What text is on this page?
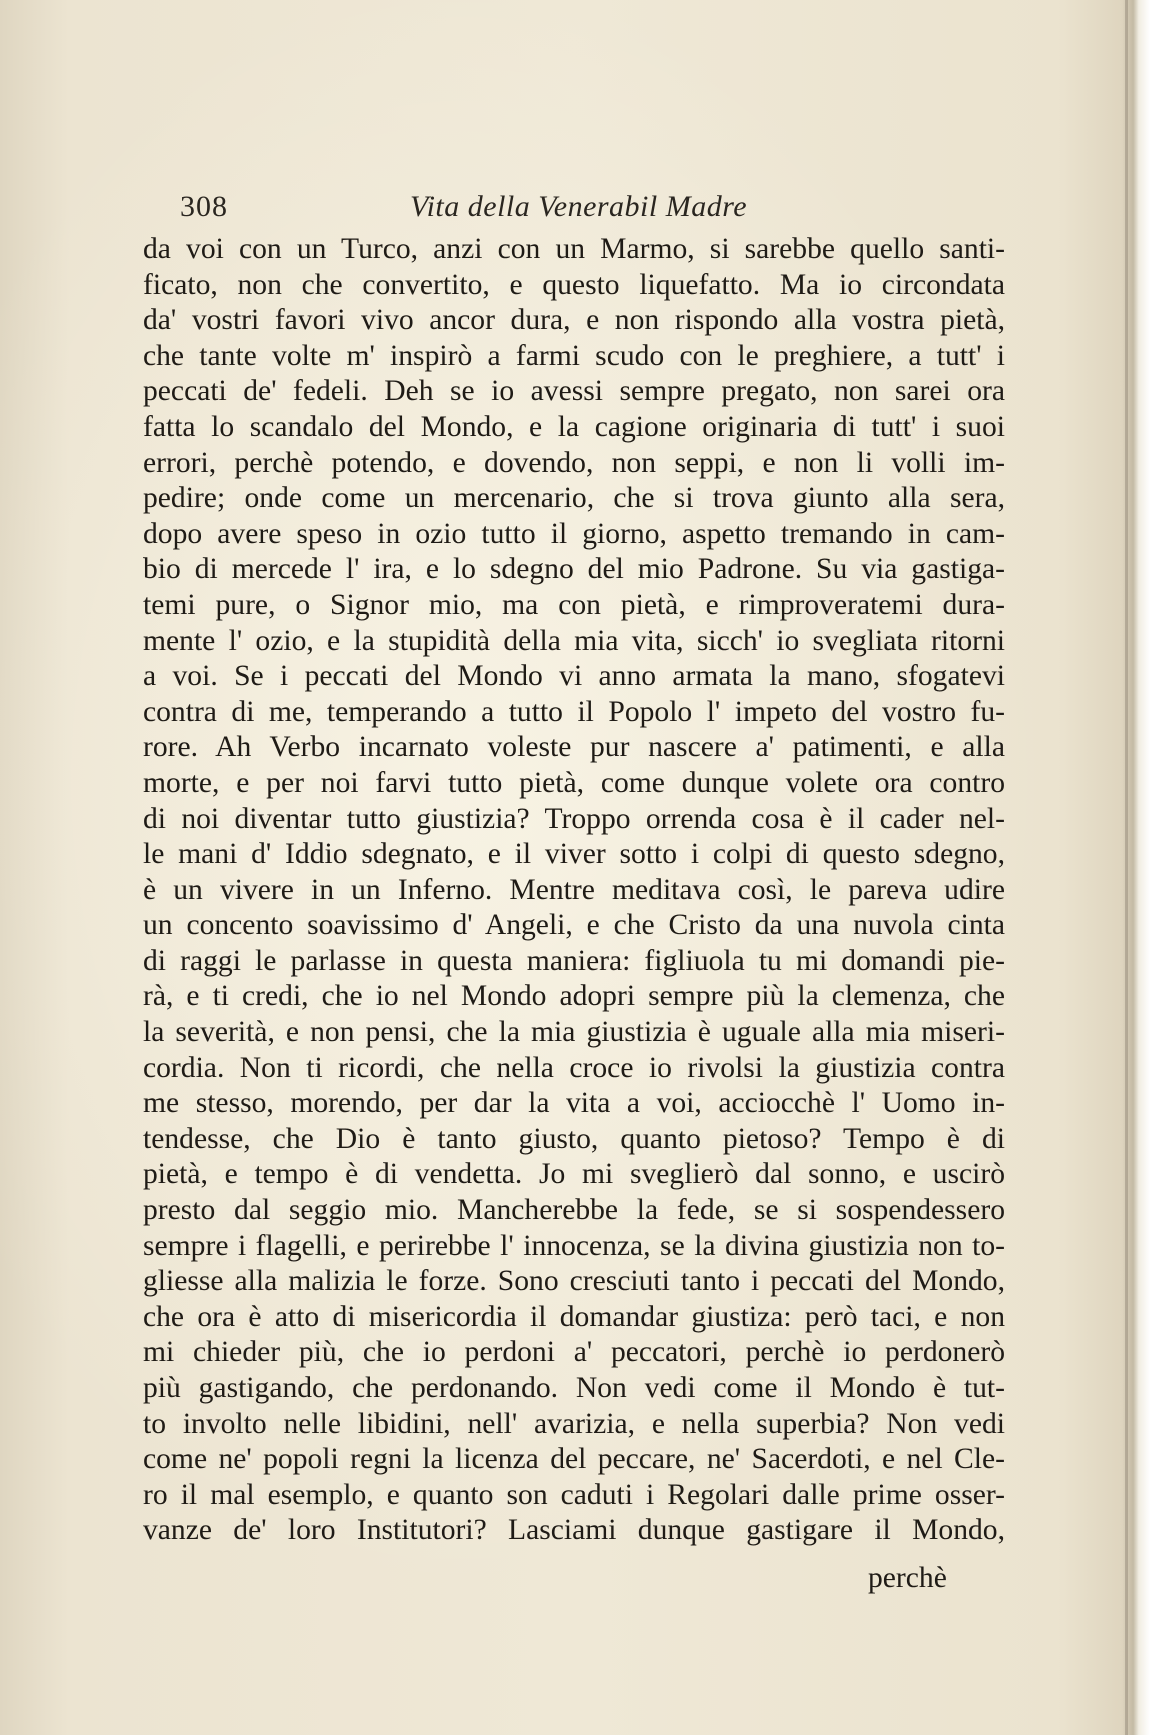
308	Vita della Venerabil Madre
da voi con un Turco, anzi con un Marmo, si sarebbe quello santi-
ficato, non che convertito, e questo liquefatto. Ma io circondata
da' vostri favori vivo ancor dura, e non rispondo alla vostra pietà,
che tante volte m' inspirò a farmi scudo con le preghiere, a tutt' i
peccati de' fedeli. Deh se io avessi sempre pregato, non sarei ora
fatta lo scandalo del Mondo, e la cagione originaria di tutt' i suoi
errori, perchè potendo, e dovendo, non seppi, e non li volli im-
pedire; onde come un mercenario, che si trova giunto alla sera,
dopo avere speso in ozio tutto il giorno, aspetto tremando in cam-
bio di mercede l' ira, e lo sdegno del mio Padrone. Su via gastiga-
temi pure, o Signor mio, ma con pietà, e rimproveratemi dura-
mente l' ozio, e la stupidità della mia vita, sicch' io svegliata ritorni
a voi. Se i peccati del Mondo vi anno armata la mano, sfogatevi
contra di me, temperando a tutto il Popolo l' impeto del vostro fu-
rore. Ah Verbo incarnato voleste pur nascere a' patimenti, e alla
morte, e per noi farvi tutto pietà, come dunque volete ora contro
di noi diventar tutto giustizia? Troppo orrenda cosa è il cader nel-
le mani d' Iddio sdegnato, e il viver sotto i colpi di questo sdegno,
è un vivere in un Inferno. Mentre meditava così, le pareva udire
un concento soavissimo d' Angeli, e che Cristo da una nuvola cinta
di raggi le parlasse in questa maniera: figliuola tu mi domandi pie-
rà, e ti credi, che io nel Mondo adopri sempre più la clemenza, che
la severità, e non pensi, che la mia giustizia è uguale alla mia miseri-
cordia. Non ti ricordi, che nella croce io rivolsi la giustizia contra
me stesso, morendo, per dar la vita a voi, acciocchè l' Uomo in-
tendesse, che Dio è tanto giusto, quanto pietoso? Tempo è di
pietà, e tempo è di vendetta. Jo mi sveglierò dal sonno, e uscirò
presto dal seggio mio. Mancherebbe la fede, se si sospendessero
sempre i flagelli, e perirebbe l' innocenza, se la divina giustizia non to-
gliesse alla malizia le forze. Sono cresciuti tanto i peccati del Mondo,
che ora è atto di misericordia il domandar giustiza: però taci, e non
mi chieder più, che io perdoni a' peccatori, perchè io perdonerò
più gastigando, che perdonando. Non vedi come il Mondo è tut-
to involto nelle libidini, nell' avarizia, e nella superbia? Non vedi
come ne' popoli regni la licenza del peccare, ne' Sacerdoti, e nel Cle-
ro il mal esemplo, e quanto son caduti i Regolari dalle prime osser-
vanze de' loro Institutori? Lasciami dunque gastigare il Mondo,
perchè
